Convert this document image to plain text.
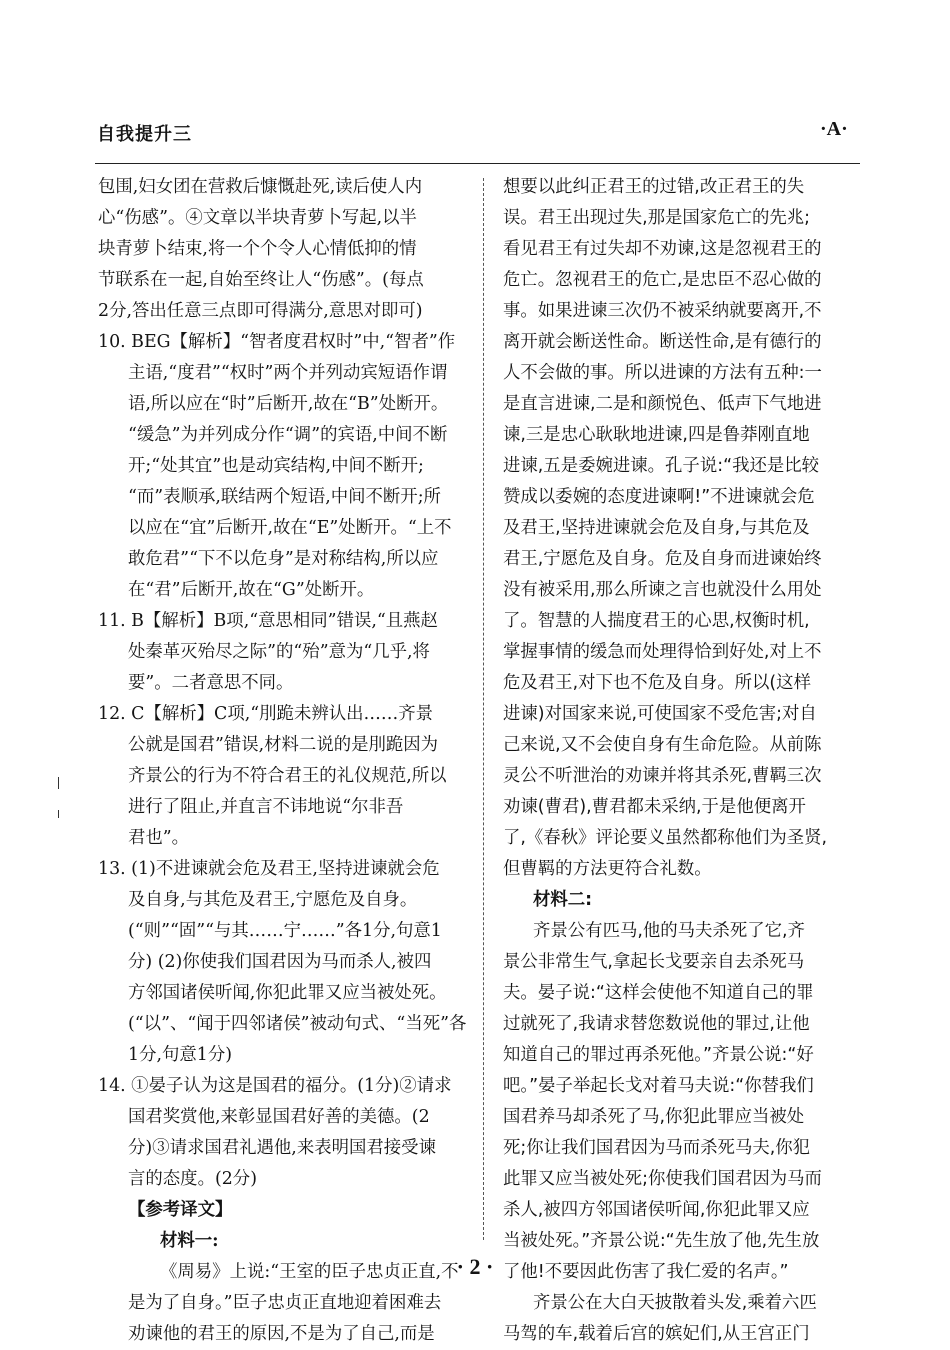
自我提升三	·A·
包围,妇女团在营救后慷慨赴死,读后使人内
心“伤感”。④文章以半块青萝卜写起,以半
块青萝卜结束,将一个个令人心情低抑的情
节联系在一起,自始至终让人“伤感”。(每点
2分,答出任意三点即可得满分,意思对即可)
10. BEG【解析】“智者度君权时”中,“智者”作
主语,“度君”“权时”两个并列动宾短语作谓
语,所以应在“时”后断开,故在“B”处断开。
“缓急”为并列成分作“调”的宾语,中间不断
开;“处其宜”也是动宾结构,中间不断开;
“而”表顺承,联结两个短语,中间不断开;所
以应在“宜”后断开,故在“E”处断开。“上不
敢危君”“下不以危身”是对称结构,所以应
在“君”后断开,故在“G”处断开。
11. B【解析】B项,“意思相同”错误,“且燕赵
处秦革灭殆尽之际”的“殆”意为“几乎,将
要”。二者意思不同。
12. C【解析】C项,“刖跪未辨认出……齐景
公就是国君”错误,材料二说的是刖跪因为
齐景公的行为不符合君王的礼仪规范,所以
进行了阻止,并直言不讳地说“尔非吾
君也”。
13. (1)不进谏就会危及君王,坚持进谏就会危
及自身,与其危及君王,宁愿危及自身。
(“则”“固”“与其……宁……”各1分,句意1
分) (2)你使我们国君因为马而杀人,被四
方邻国诸侯听闻,你犯此罪又应当被处死。
(“以”、“闻于四邻诸侯”被动句式、“当死”各
1分,句意1分)
14. ①晏子认为这是国君的福分。(1分)②请求
国君奖赏他,来彰显国君好善的美德。(2
分)③请求国君礼遇他,来表明国君接受谏
言的态度。(2分)
【参考译文】
材料一:
《周易》上说:“王室的臣子忠贞正直,不
是为了自身。”臣子忠贞正直地迎着困难去
劝谏他的君王的原因,不是为了自己,而是
想要以此纠正君王的过错,改正君王的失
误。君王出现过失,那是国家危亡的先兆;
看见君王有过失却不劝谏,这是忽视君王的
危亡。忽视君王的危亡,是忠臣不忍心做的
事。如果进谏三次仍不被采纳就要离开,不
离开就会断送性命。断送性命,是有德行的
人不会做的事。所以进谏的方法有五种:一
是直言进谏,二是和颜悦色、低声下气地进
谏,三是忠心耿耿地进谏,四是鲁莽刚直地
进谏,五是委婉进谏。孔子说:“我还是比较
赞成以委婉的态度进谏啊!”不进谏就会危
及君王,坚持进谏就会危及自身,与其危及
君王,宁愿危及自身。危及自身而进谏始终
没有被采用,那么所谏之言也就没什么用处
了。智慧的人揣度君王的心思,权衡时机,
掌握事情的缓急而处理得恰到好处,对上不
危及君王,对下也不危及自身。所以(这样
进谏)对国家来说,可使国家不受危害;对自
己来说,又不会使自身有生命危险。从前陈
灵公不听泄治的劝谏并将其杀死,曹羁三次
劝谏(曹君),曹君都未采纳,于是他便离开
了,《春秋》评论要义虽然都称他们为圣贤,
但曹羁的方法更符合礼数。
材料二:
齐景公有匹马,他的马夫杀死了它,齐
景公非常生气,拿起长戈要亲自去杀死马
夫。晏子说:“这样会使他不知道自己的罪
过就死了,我请求替您数说他的罪过,让他
知道自己的罪过再杀死他。”齐景公说:“好
吧。”晏子举起长戈对着马夫说:“你替我们
国君养马却杀死了马,你犯此罪应当被处
死;你让我们国君因为马而杀死马夫,你犯
此罪又应当被处死;你使我们国君因为马而
杀人,被四方邻国诸侯听闻,你犯此罪又应
当被处死。”齐景公说:“先生放了他,先生放
了他!不要因此伤害了我仁爱的名声。”
齐景公在大白天披散着头发,乘着六匹
马驾的车,载着后宫的嫔妃们,从王宫正门
· 2 ·
